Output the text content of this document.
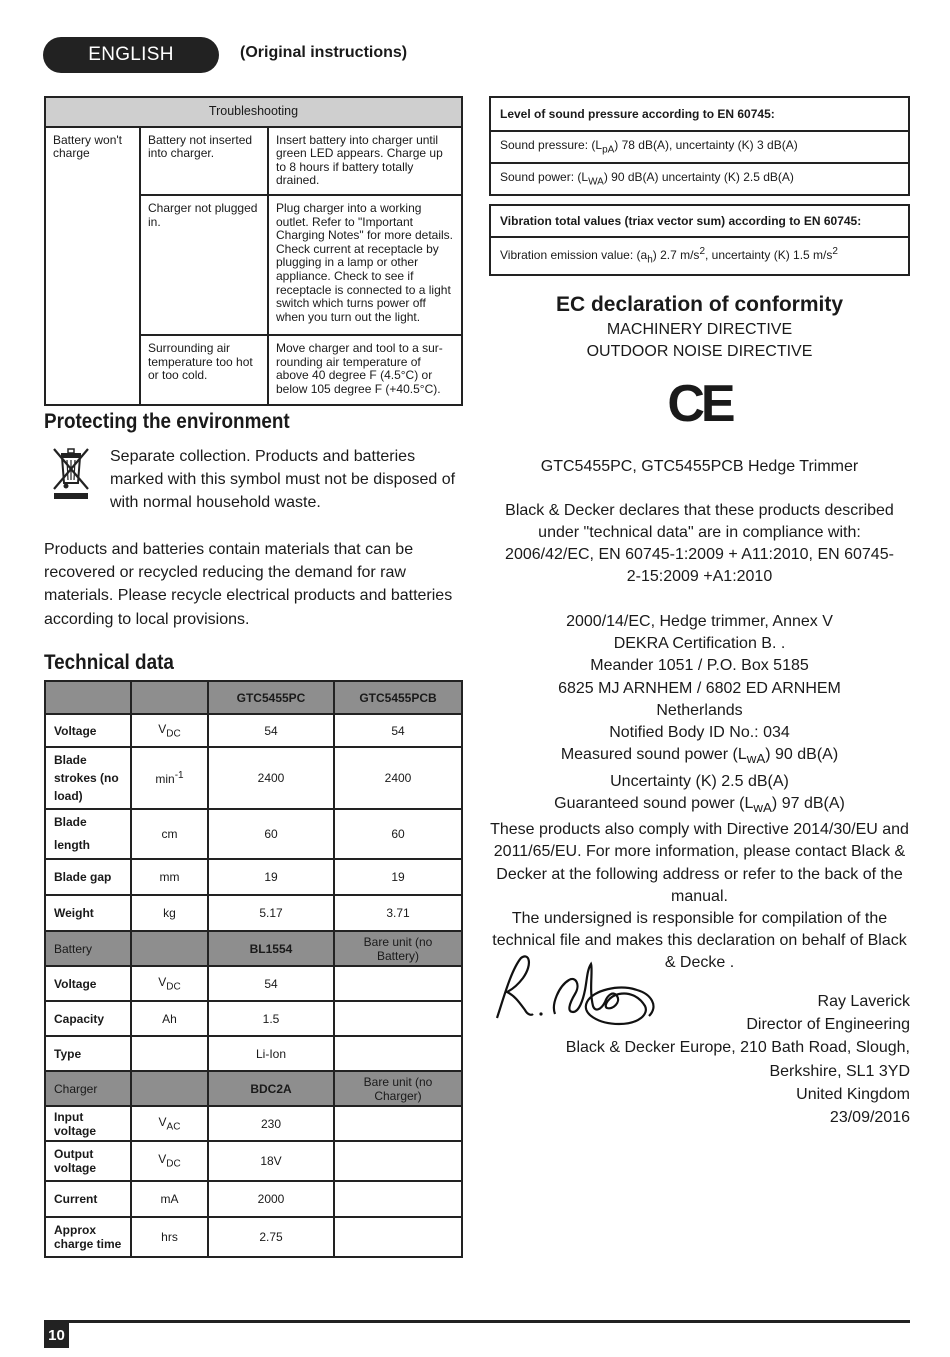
ENGLISH	(Original instructions)
Troubleshooting		
Battery won't charge	Battery not inserted into charger.	Insert battery into charger until green LED appears. Charge up to 8 hours if battery totally drained.
	Charger not plugged in.	Plug charger into a working outlet. Refer to "Important Charging Notes" for more details. Check current at receptacle by plugging in a lamp or other appliance. Check to see if receptacle is connected to a light switch which turns power off when you turn out the light.
	Surrounding air temperature too hot or too cold.	Move charger and tool to a sur-rounding air temperature of above 40 degree F (4.5°C) or below 105 degree F (+40.5°C).
Protecting the environment
Separate collection. Products and batteries marked with this symbol must not be disposed of with normal household waste.
Products and batteries contain materials that can be recovered or recycled reducing the demand for raw materials. Please recycle electrical products and batteries according to local provisions.
Technical data
		GTC5455PC	GTC5455PCB
Voltage	$V_{DC}$	54	54
Blade strokes (no load)	$\min^{-1}$	2400	2400
Blade length	cm	60	60
Blade gap	mm	19	19
Weight	kg	5.17	3.71
Battery		BL1554	Bare unit (no Battery)
Voltage	$V_{DC}$	54	
Capacity	Ah	1.5	
Type		Li-Ion	
Charger		BDC2A	Bare unit (no Charger)
Input voltage	$V_{AC}$	230	
Output voltage	$V_{DC}$	18V	
Current	mA	2000	
Approx charge time	hrs	2.75	
Level of sound pressure according to EN 60745:
Sound pressure: $(L_{pA})$ 78 dB(A), uncertainty (K) 3 dB(A)
Sound power: $(L_{WA})$ 90 dB(A) uncertainty (K) 2.5 dB(A)
Vibration total values (triax vector sum) according to EN 60745:
Vibration emission value: $(a_h)$ 2.7 $m/s^2$, uncertainty (K) 1.5 $m/s^2$
EC declaration of conformity
MACHINERY DIRECTIVE
OUTDOOR NOISE DIRECTIVE
CE
GTC5455PC, GTC5455PCB Hedge Trimmer
Black & Decker declares that these products described under "technical data" are in compliance with:
2006/42/EC, EN 60745-1:2009 + A11:2010, EN 60745-2-15:2009 +A1:2010
2000/14/EC, Hedge trimmer, Annex V
DEKRA Certification B. .
Meander 1051 / P.O. Box 5185
6825 MJ ARNHEM / 6802 ED ARNHEM
Netherlands
Notified Body ID No.: 034
Measured sound power $(L_{wA})$ 90 dB(A)
Uncertainty (K) 2.5 dB(A)
Guaranteed sound power $(L_{wA})$ 97 dB(A)
These products also comply with Directive 2014/30/EU and 2011/65/EU. For more information, please contact Black & Decker at the following address or refer to the back of the manual.
The undersigned is responsible for compilation of the technical file and makes this declaration on behalf of Black & Decke .
Ray Laverick
Director of Engineering
Black & Decker Europe, 210 Bath Road, Slough,
Berkshire, SL1 3YD
United Kingdom
23/09/2016
10
